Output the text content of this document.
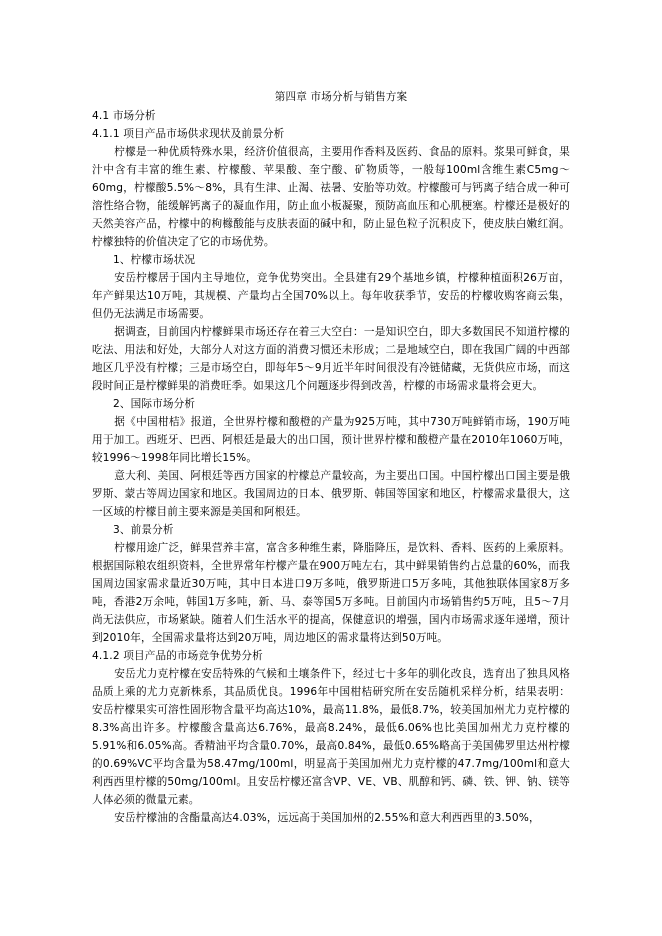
第四章 市场分析与销售方案
4.1 市场分析
4.1.1 项目产品市场供求现状及前景分析
柠檬是一种优质特殊水果，经济价值很高，主要用作香料及医药、食品的原料。浆果可鲜食，果汁中含有丰富的维生素、柠檬酸、苹果酸、奎宁酸、矿物质等，一般每100ml含维生素C5mg～60mg，柠檬酸5.5%～8%，具有生津、止渴、祛暑、安胎等功效。柠檬酸可与钙离子结合成一种可溶性络合物，能缓解钙离子的凝血作用，防止血小板凝聚，预防高血压和心肌梗塞。柠檬还是极好的天然美容产品，柠檬中的枸橼酸能与皮肤表面的碱中和，防止显色粒子沉积皮下，使皮肤白嫩红润。柠檬独特的价值决定了它的市场优势。
1、柠檬市场状况
安岳柠檬居于国内主导地位，竞争优势突出。全县建有29个基地乡镇，柠檬种植面积26万亩，年产鲜果达10万吨，其规模、产量均占全国70%以上。每年收获季节，安岳的柠檬收购客商云集，但仍无法满足市场需要。
据调查，目前国内柠檬鲜果市场还存在着三大空白：一是知识空白，即大多数国民不知道柠檬的吃法、用法和好处，大部分人对这方面的消费习惯还未形成；二是地域空白，即在我国广阔的中西部地区几乎没有柠檬；三是市场空白，即每年5～9月近半年时间很没有冷链储藏，无货供应市场，而这段时间正是柠檬鲜果的消费旺季。如果这几个问题逐步得到改善，柠檬的市场需求量将会更大。
2、国际市场分析
据《中国柑桔》报道，全世界柠檬和酸橙的产量为925万吨，其中730万吨鲜销市场，190万吨用于加工。西班牙、巴西、阿根廷是最大的出口国，预计世界柠檬和酸橙产量在2010年1060万吨，较1996～1998年同比增长15%。
意大利、美国、阿根廷等西方国家的柠檬总产量较高，为主要出口国。中国柠檬出口国主要是俄罗斯、蒙古等周边国家和地区。我国周边的日本、俄罗斯、韩国等国家和地区，柠檬需求量很大，这一区域的柠檬目前主要来源是美国和阿根廷。
3、前景分析
柠檬用途广泛，鲜果营养丰富，富含多种维生素，降脂降压，是饮料、香料、医药的上乘原料。根据国际粮农组织资料，全世界常年柠檬产量在900万吨左右，其中鲜果销售约占总量的60%，而我国周边国家需求量近30万吨，其中日本进口9万多吨，俄罗斯进口5万多吨，其他独联体国家8万多吨，香港2万余吨，韩国1万多吨，新、马、泰等国5万多吨。目前国内市场销售约5万吨，且5～7月尚无法供应，市场紧缺。随着人们生活水平的提高，保健意识的增强，国内市场需求逐年递增，预计到2010年，全国需求量将达到20万吨，周边地区的需求量将达到50万吨。
4.1.2 项目产品的市场竞争优势分析
安岳尤力克柠檬在安岳特殊的气候和土壤条件下，经过七十多年的驯化改良，选育出了独具风格品质上乘的尤力克新株系，其品质优良。1996年中国柑桔研究所在安岳随机采样分析，结果表明：安岳柠檬果实可溶性固形物含量平均高达10%，最高11.8%，最低8.7%，较美国加州尤力克柠檬的8.3%高出许多。柠檬酸含量高达6.76%，最高8.24%，最低6.06%也比美国加州尤力克柠檬的5.91%和6.05%高。香精油平均含量0.70%，最高0.84%，最低0.65%略高于美国佛罗里达州柠檬的0.69%VC平均含量为58.47mg/100ml，明显高于美国加州尤力克柠檬的47.7mg/100ml和意大利西西里柠檬的50mg/100ml。且安岳柠檬还富含VP、VE、VB、肌醇和钙、磷、铁、钾、钠、镁等人体必须的微量元素。
安岳柠檬油的含酯量高达4.03%，远远高于美国加州的2.55%和意大利西西里的3.50%，
